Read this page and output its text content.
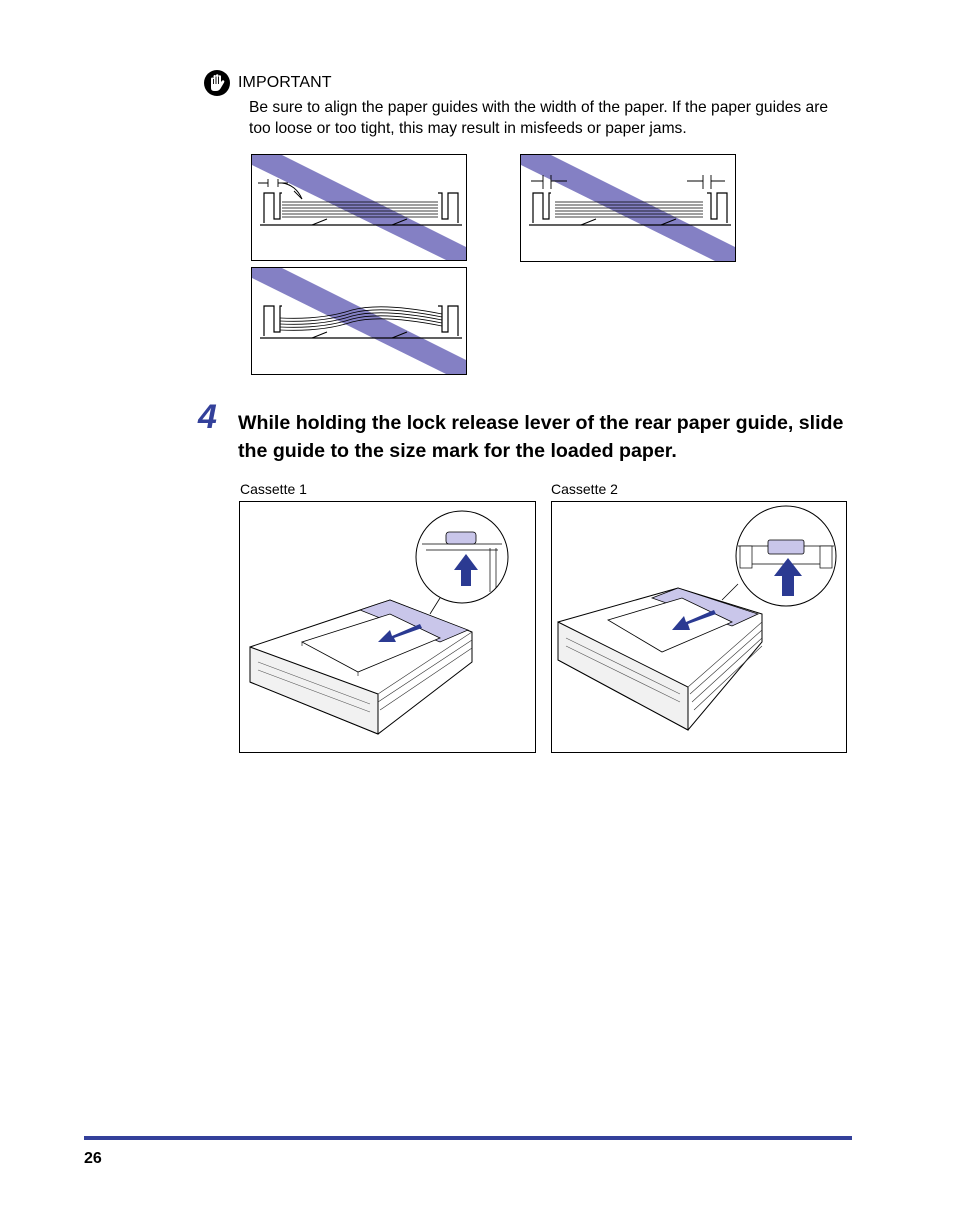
IMPORTANT
Be sure to align the paper guides with the width of the paper. If the paper guides are too loose or too tight, this may result in misfeeds or paper jams.
4 While holding the lock release lever of the rear paper guide, slide the guide to the size mark for the loaded paper.
Cassette 1	Cassette 2
26
